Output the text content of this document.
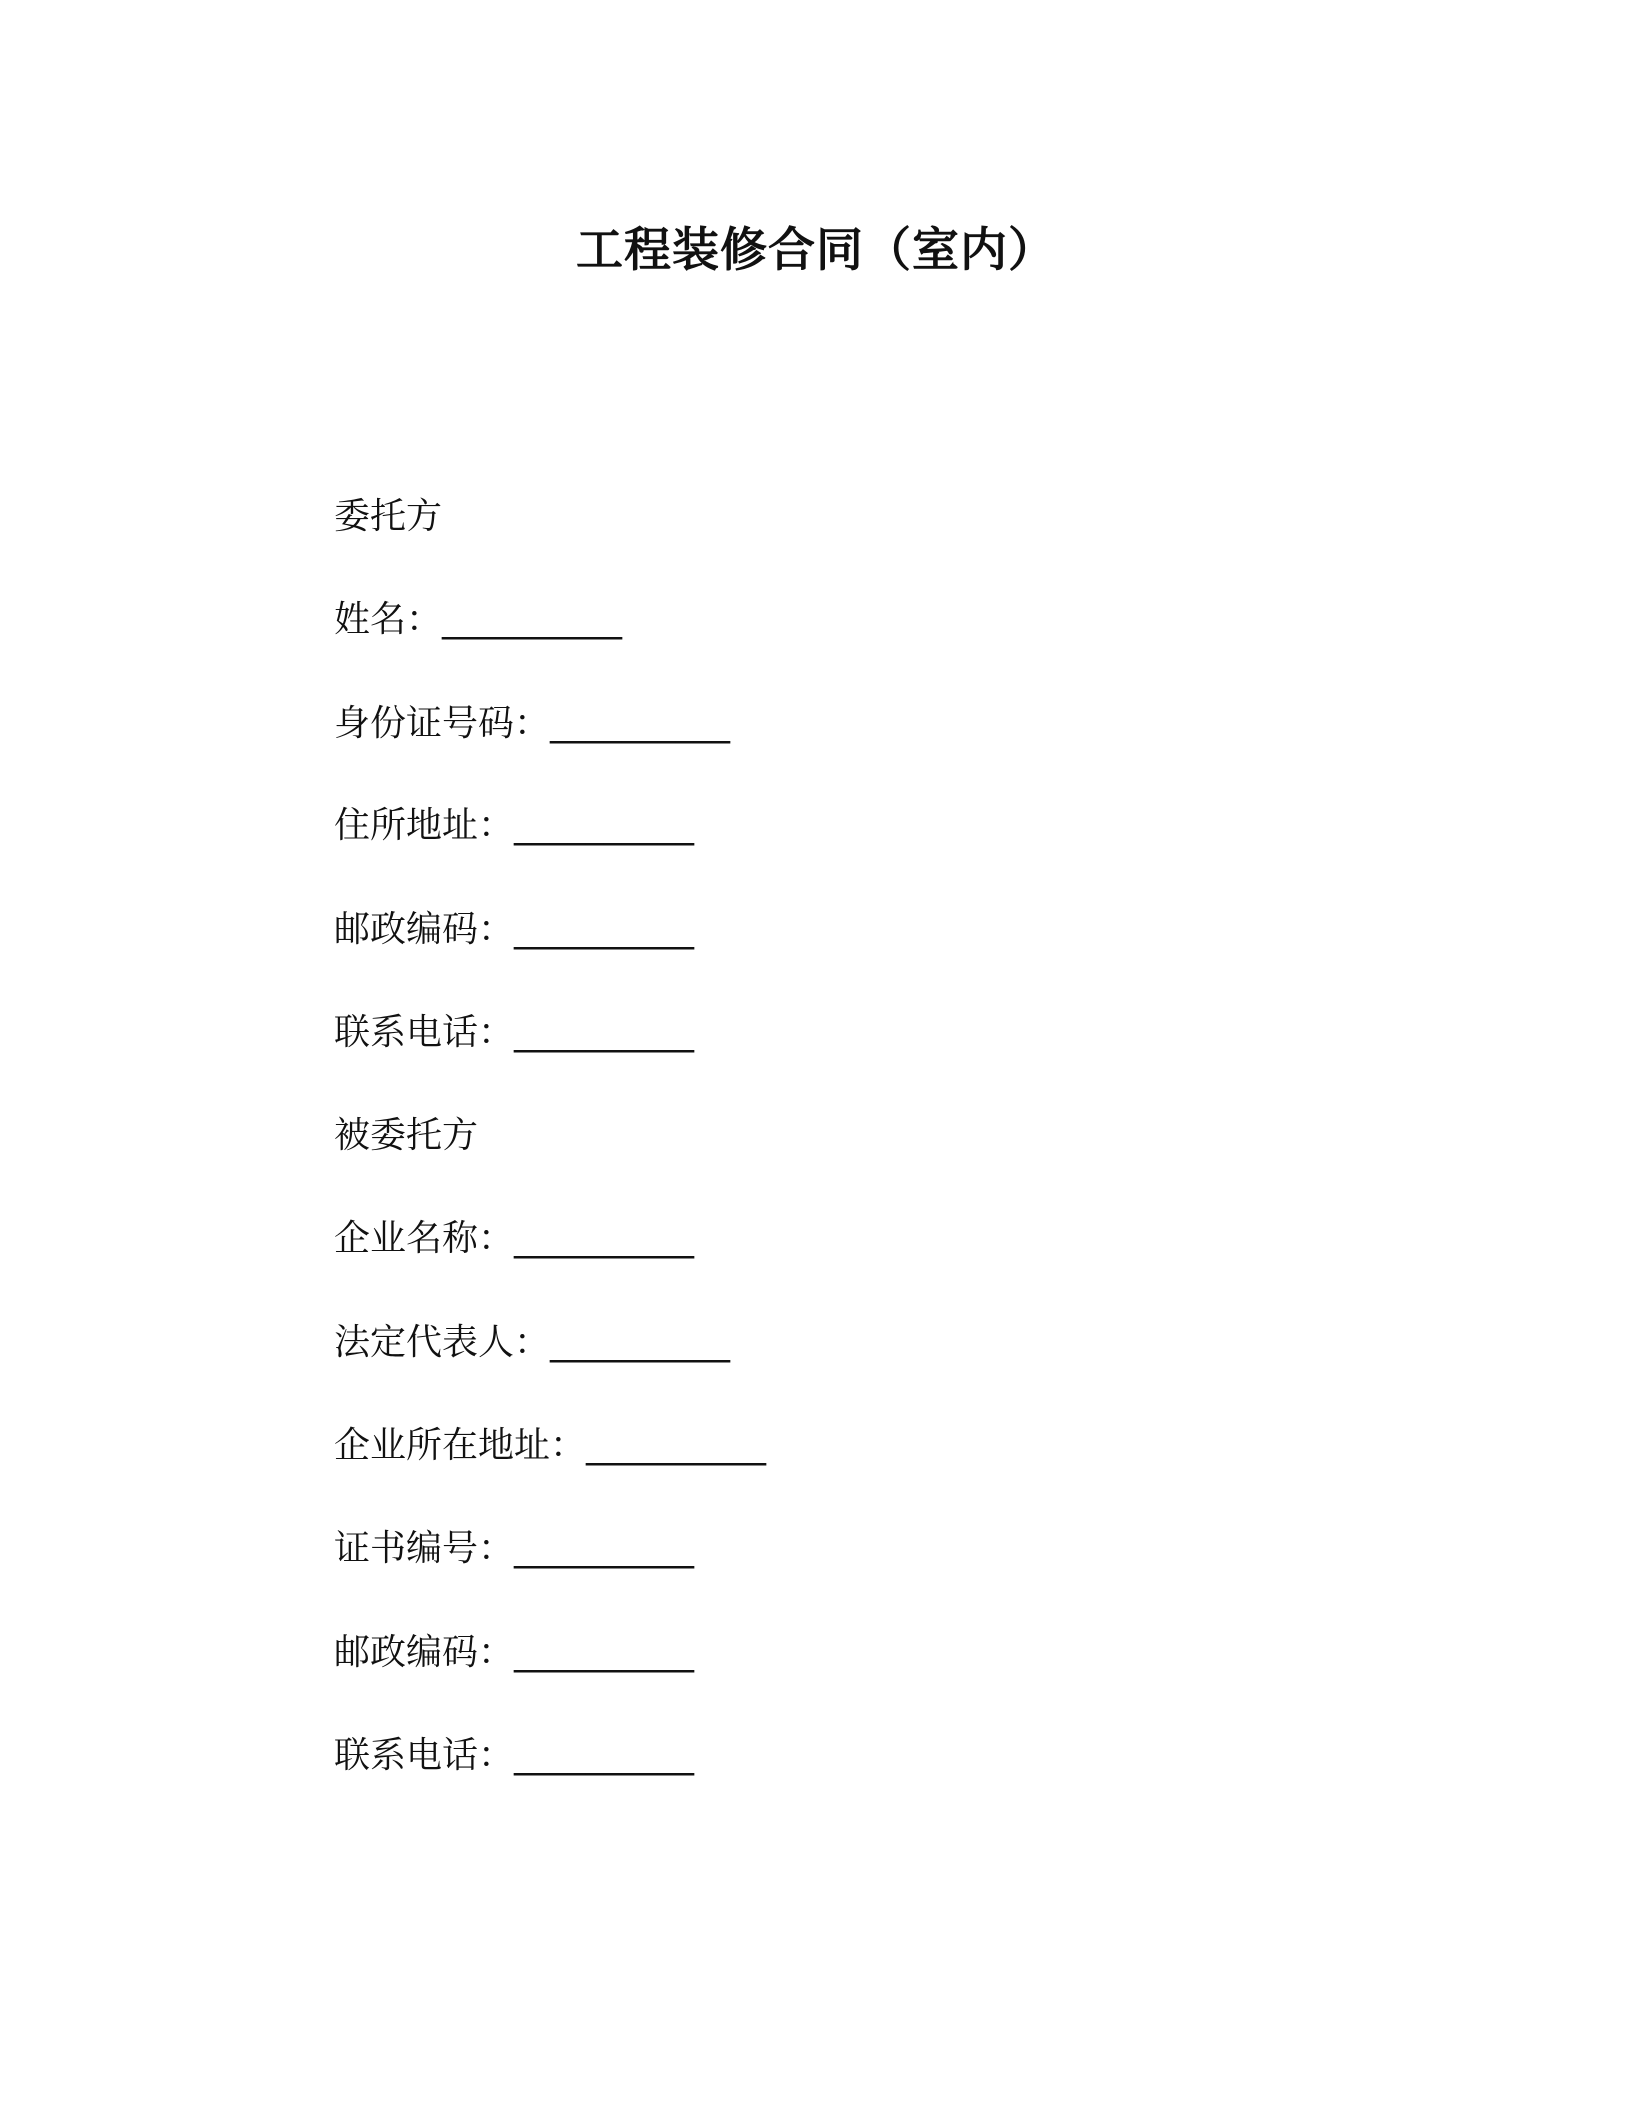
工程装修合同（室内）
委托方
姓名：__________
身份证号码：__________
住所地址：__________
邮政编码：__________
联系电话：__________
被委托方
企业名称：__________
法定代表人：__________
企业所在地址：__________
证书编号：__________
邮政编码：__________
联系电话：__________
